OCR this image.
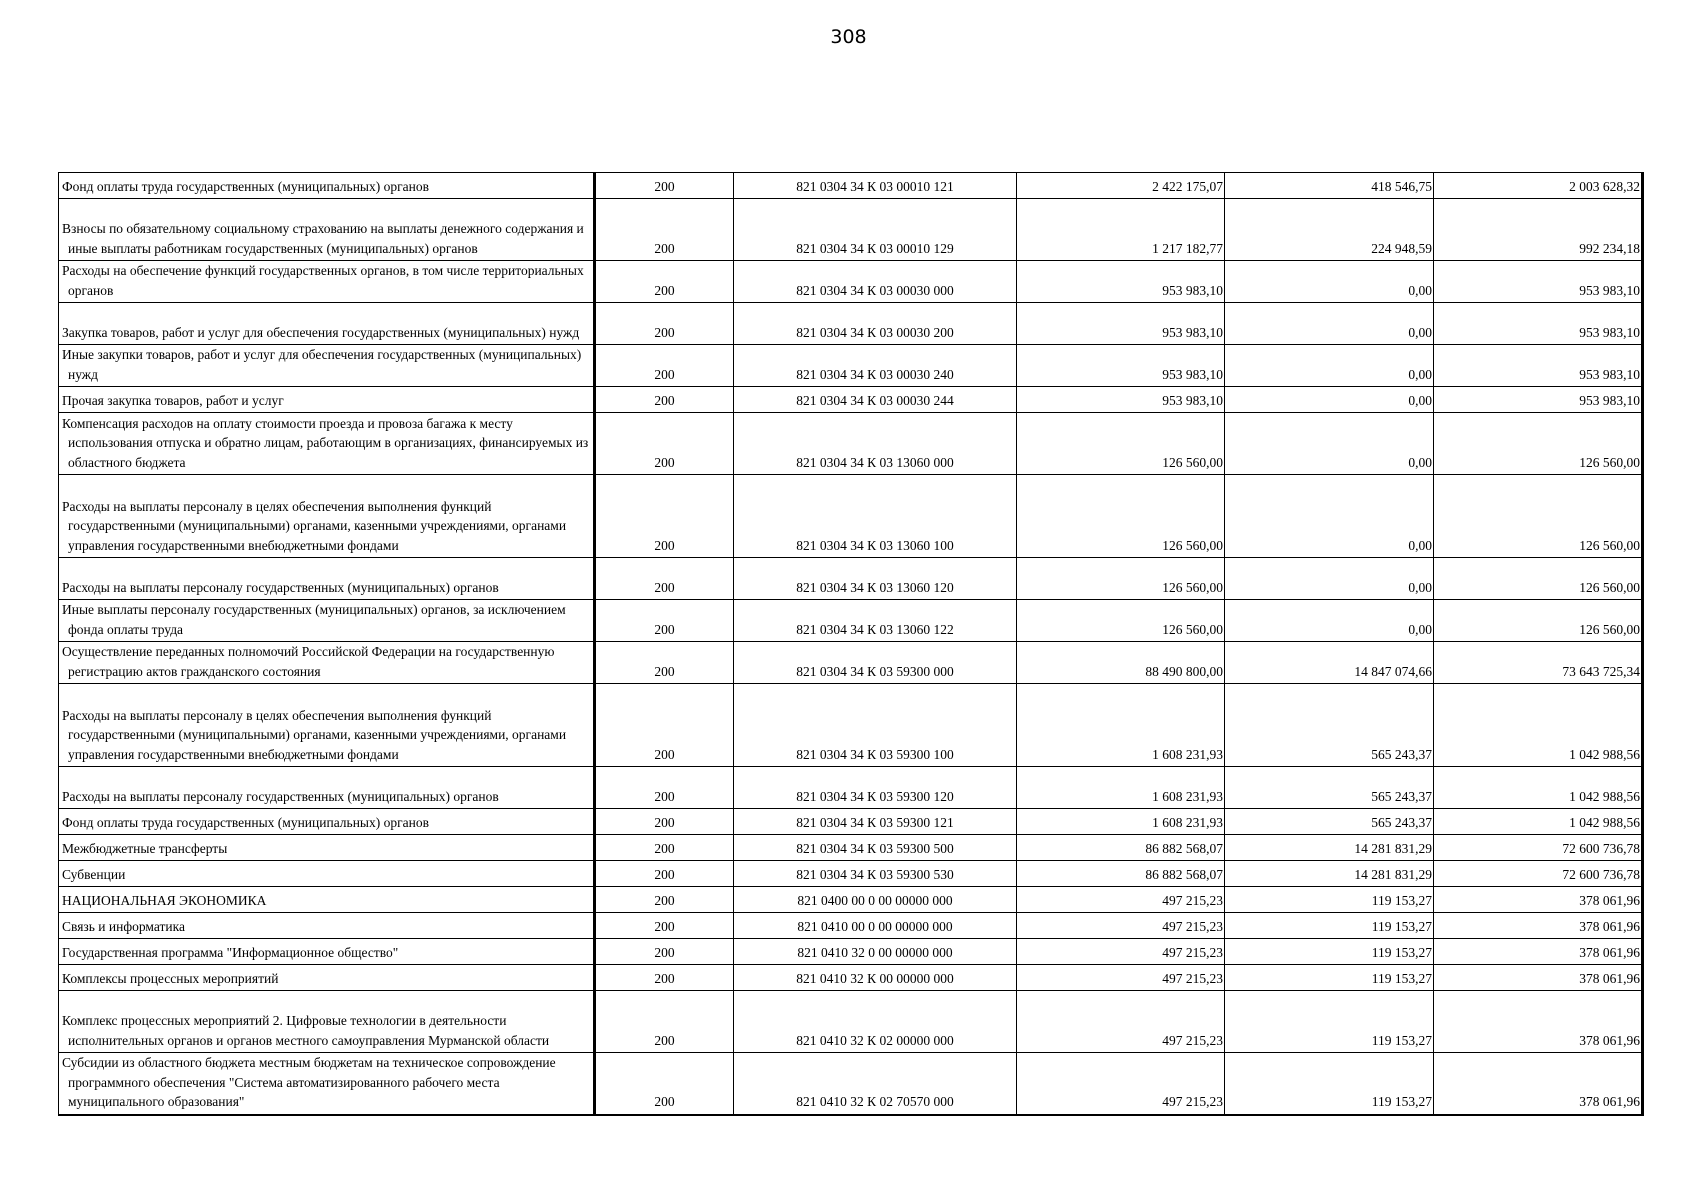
308
Фонд оплаты труда государственных (муниципальных) органов	200	821 0304 34 К 03 00010 121	2 422 175,07	418 546,75	2 003 628,32

Взносы по обязательному социальному страхованию на выплаты денежного содержания и иные выплаты работникам государственных (муниципальных) органов	200	821 0304 34 К 03 00010 129	1 217 182,77	224 948,59	992 234,18

Расходы на обеспечение функций государственных органов, в том числе территориальных органов	200	821 0304 34 К 03 00030 000	953 983,10	0,00	953 983,10

Закупка товаров, работ и услуг для обеспечения государственных (муниципальных) нужд	200	821 0304 34 К 03 00030 200	953 983,10	0,00	953 983,10

Иные закупки товаров, работ и услуг для обеспечения государственных (муниципальных) нужд	200	821 0304 34 К 03 00030 240	953 983,10	0,00	953 983,10

Прочая закупка товаров, работ и услуг	200	821 0304 34 К 03 00030 244	953 983,10	0,00	953 983,10

Компенсация расходов на оплату стоимости проезда и провоза багажа к месту использования отпуска и обратно лицам, работающим в организациях, финансируемых из областного бюджета	200	821 0304 34 К 03 13060 000	126 560,00	0,00	126 560,00

Расходы на выплаты персоналу в целях обеспечения выполнения функций государственными (муниципальными) органами, казенными учреждениями, органами управления государственными внебюджетными фондами	200	821 0304 34 К 03 13060 100	126 560,00	0,00	126 560,00

Расходы на выплаты персоналу государственных (муниципальных) органов	200	821 0304 34 К 03 13060 120	126 560,00	0,00	126 560,00

Иные выплаты персоналу государственных (муниципальных) органов, за исключением фонда оплаты труда	200	821 0304 34 К 03 13060 122	126 560,00	0,00	126 560,00

Осуществление переданных полномочий Российской Федерации на государственную регистрацию актов гражданского состояния	200	821 0304 34 К 03 59300 000	88 490 800,00	14 847 074,66	73 643 725,34

Расходы на выплаты персоналу в целях обеспечения выполнения функций государственными (муниципальными) органами, казенными учреждениями, органами управления государственными внебюджетными фондами	200	821 0304 34 К 03 59300 100	1 608 231,93	565 243,37	1 042 988,56

Расходы на выплаты персоналу государственных (муниципальных) органов	200	821 0304 34 К 03 59300 120	1 608 231,93	565 243,37	1 042 988,56

Фонд оплаты труда государственных (муниципальных) органов	200	821 0304 34 К 03 59300 121	1 608 231,93	565 243,37	1 042 988,56

Межбюджетные трансферты	200	821 0304 34 К 03 59300 500	86 882 568,07	14 281 831,29	72 600 736,78

Субвенции	200	821 0304 34 К 03 59300 530	86 882 568,07	14 281 831,29	72 600 736,78

НАЦИОНАЛЬНАЯ ЭКОНОМИКА	200	821 0400 00 0 00 00000 000	497 215,23	119 153,27	378 061,96

Связь и информатика	200	821 0410 00 0 00 00000 000	497 215,23	119 153,27	378 061,96

Государственная программа "Информационное общество"	200	821 0410 32 0 00 00000 000	497 215,23	119 153,27	378 061,96

Комплексы процессных мероприятий	200	821 0410 32 К 00 00000 000	497 215,23	119 153,27	378 061,96

Комплекс процессных мероприятий 2. Цифровые технологии в деятельности исполнительных органов и органов местного самоуправления Мурманской области	200	821 0410 32 К 02 00000 000	497 215,23	119 153,27	378 061,96

Субсидии из областного бюджета местным бюджетам на техническое сопровождение программного обеспечения "Система автоматизированного рабочего места муниципального образования"	200	821 0410 32 К 02 70570 000	497 215,23	119 153,27	378 061,96
